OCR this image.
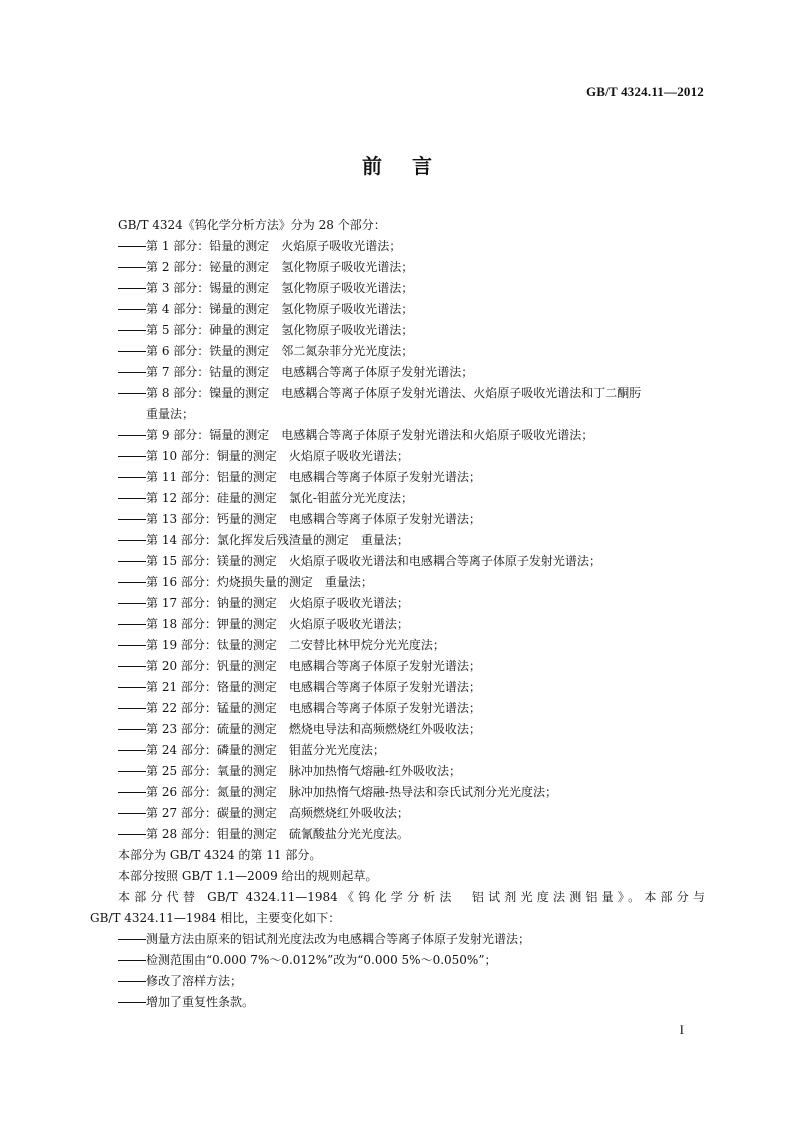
GB/T 4324.11—2012
前言
GB/T 4324《钨化学分析方法》分为 28 个部分：
第 1 部分：铅量的测定 火焰原子吸收光谱法；
第 2 部分：铋量的测定 氢化物原子吸收光谱法；
第 3 部分：锡量的测定 氢化物原子吸收光谱法；
第 4 部分：锑量的测定 氢化物原子吸收光谱法；
第 5 部分：砷量的测定 氢化物原子吸收光谱法；
第 6 部分：铁量的测定 邻二氮杂菲分光光度法；
第 7 部分：钴量的测定 电感耦合等离子体原子发射光谱法；
第 8 部分：镍量的测定 电感耦合等离子体原子发射光谱法、火焰原子吸收光谱法和丁二酮肟
重量法；
第 9 部分：镉量的测定 电感耦合等离子体原子发射光谱法和火焰原子吸收光谱法；
第 10 部分：铜量的测定 火焰原子吸收光谱法；
第 11 部分：铝量的测定 电感耦合等离子体原子发射光谱法；
第 12 部分：硅量的测定 氯化-钼蓝分光光度法；
第 13 部分：钙量的测定 电感耦合等离子体原子发射光谱法；
第 14 部分：氯化挥发后残渣量的测定 重量法；
第 15 部分：镁量的测定 火焰原子吸收光谱法和电感耦合等离子体原子发射光谱法；
第 16 部分：灼烧损失量的测定 重量法；
第 17 部分：钠量的测定 火焰原子吸收光谱法；
第 18 部分：钾量的测定 火焰原子吸收光谱法；
第 19 部分：钛量的测定 二安替比林甲烷分光光度法；
第 20 部分：钒量的测定 电感耦合等离子体原子发射光谱法；
第 21 部分：铬量的测定 电感耦合等离子体原子发射光谱法；
第 22 部分：锰量的测定 电感耦合等离子体原子发射光谱法；
第 23 部分：硫量的测定 燃烧电导法和高频燃烧红外吸收法；
第 24 部分：磷量的测定 钼蓝分光光度法；
第 25 部分：氧量的测定 脉冲加热惰气熔融-红外吸收法；
第 26 部分：氮量的测定 脉冲加热惰气熔融-热导法和奈氏试剂分光光度法；
第 27 部分：碳量的测定 高频燃烧红外吸收法；
第 28 部分：钼量的测定 硫氰酸盐分光光度法。
本部分为 GB/T 4324 的第 11 部分。
本部分按照 GB/T 1.1—2009 给出的规则起草。
本部分代替 GB/T 4324.11—1984《钨化学分析法　铝试剂光度法测铝量》。本部分与
GB/T 4324.11—1984 相比，主要变化如下：
测量方法由原来的铝试剂光度法改为电感耦合等离子体原子发射光谱法；
检测范围由“0.000 7%～0.012%”改为“0.000 5%～0.050%”；
修改了溶样方法；
增加了重复性条款。
I
